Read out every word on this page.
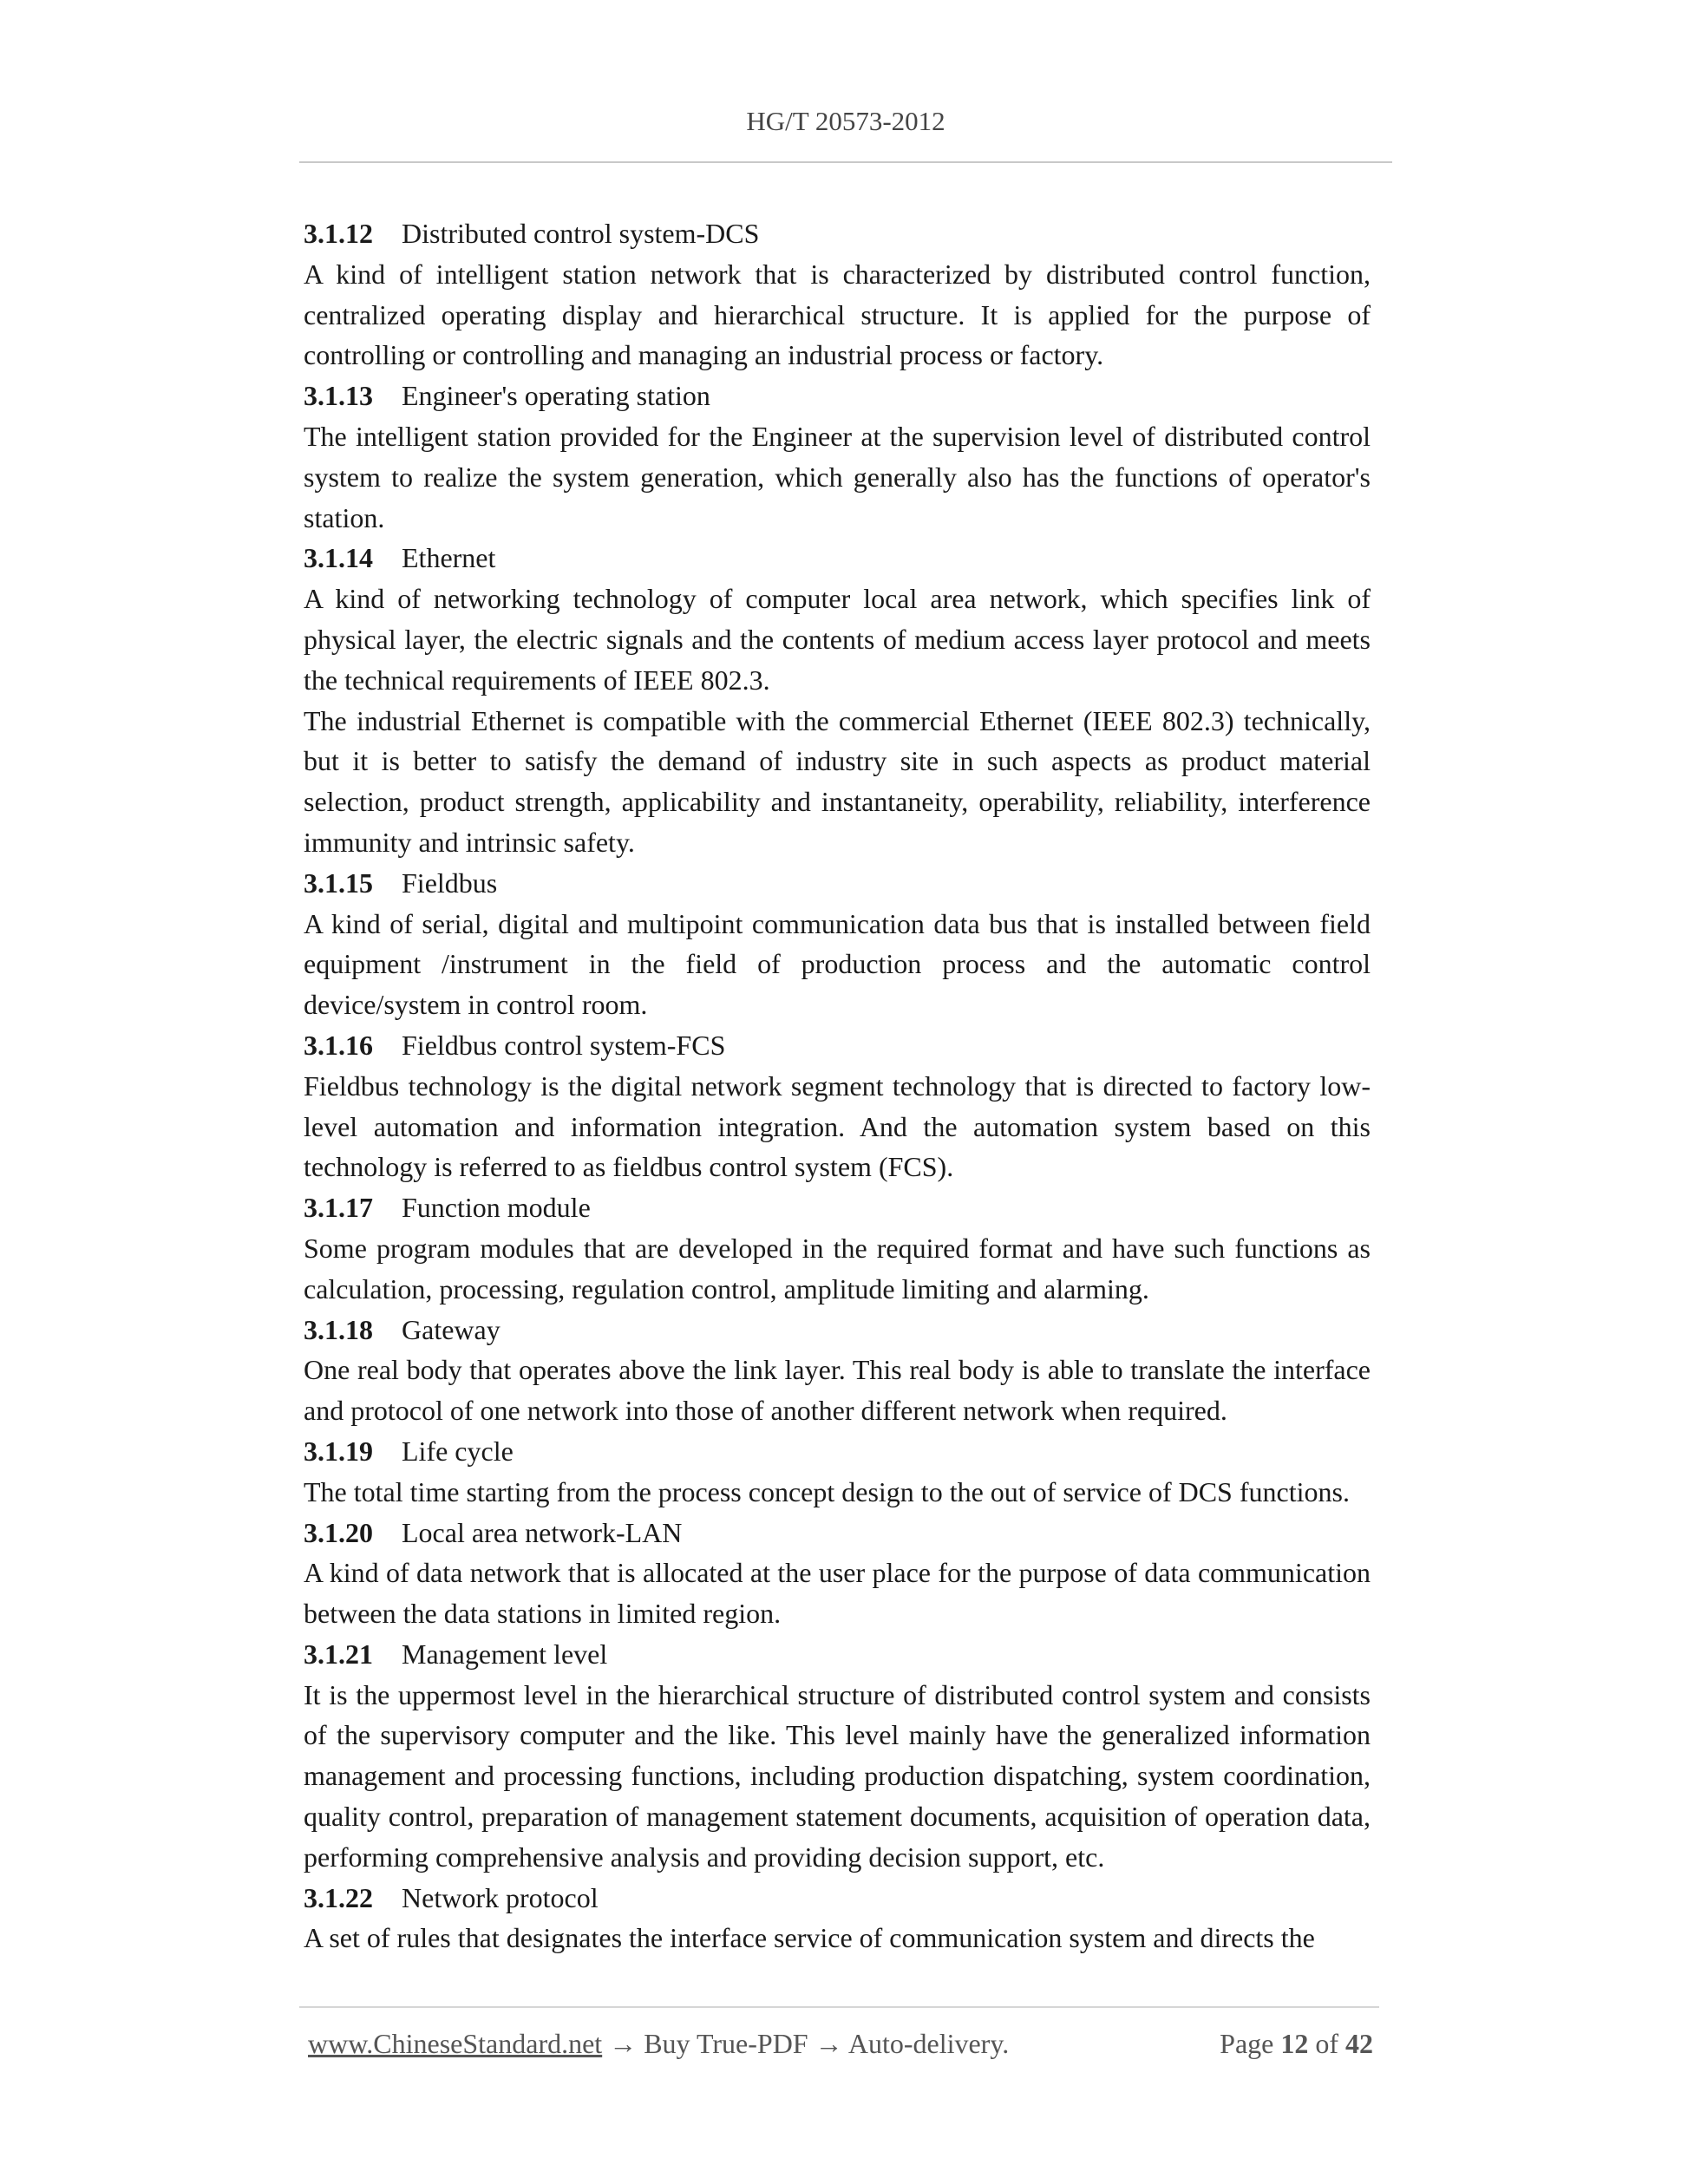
HG/T 20573-2012
3.1.12 Distributed control system-DCS

A kind of intelligent station network that is characterized by distributed control function, centralized operating display and hierarchical structure. It is applied for the purpose of controlling or controlling and managing an industrial process or factory.

3.1.13 Engineer's operating station

The intelligent station provided for the Engineer at the supervision level of distributed control system to realize the system generation, which generally also has the functions of operator's station.

3.1.14 Ethernet

A kind of networking technology of computer local area network, which specifies link of physical layer, the electric signals and the contents of medium access layer protocol and meets the technical requirements of IEEE 802.3.

The industrial Ethernet is compatible with the commercial Ethernet (IEEE 802.3) technically, but it is better to satisfy the demand of industry site in such aspects as product material selection, product strength, applicability and instantaneity, operability, reliability, interference immunity and intrinsic safety.

3.1.15 Fieldbus

A kind of serial, digital and multipoint communication data bus that is installed between field equipment /instrument in the field of production process and the automatic control device/system in control room.

3.1.16 Fieldbus control system-FCS

Fieldbus technology is the digital network segment technology that is directed to factory low-level automation and information integration. And the automation system based on this technology is referred to as fieldbus control system (FCS).

3.1.17 Function module

Some program modules that are developed in the required format and have such functions as calculation, processing, regulation control, amplitude limiting and alarming.

3.1.18 Gateway

One real body that operates above the link layer. This real body is able to translate the interface and protocol of one network into those of another different network when required.

3.1.19 Life cycle

The total time starting from the process concept design to the out of service of DCS functions.

3.1.20 Local area network-LAN

A kind of data network that is allocated at the user place for the purpose of data communication between the data stations in limited region.

3.1.21 Management level

It is the uppermost level in the hierarchical structure of distributed control system and consists of the supervisory computer and the like. This level mainly have the generalized information management and processing functions, including production dispatching, system coordination, quality control, preparation of management statement documents, acquisition of operation data, performing comprehensive analysis and providing decision support, etc.

3.1.22 Network protocol

A set of rules that designates the interface service of communication system and directs the

www.ChineseStandard.net → Buy True-PDF → Auto-delivery.	Page 12 of 42
